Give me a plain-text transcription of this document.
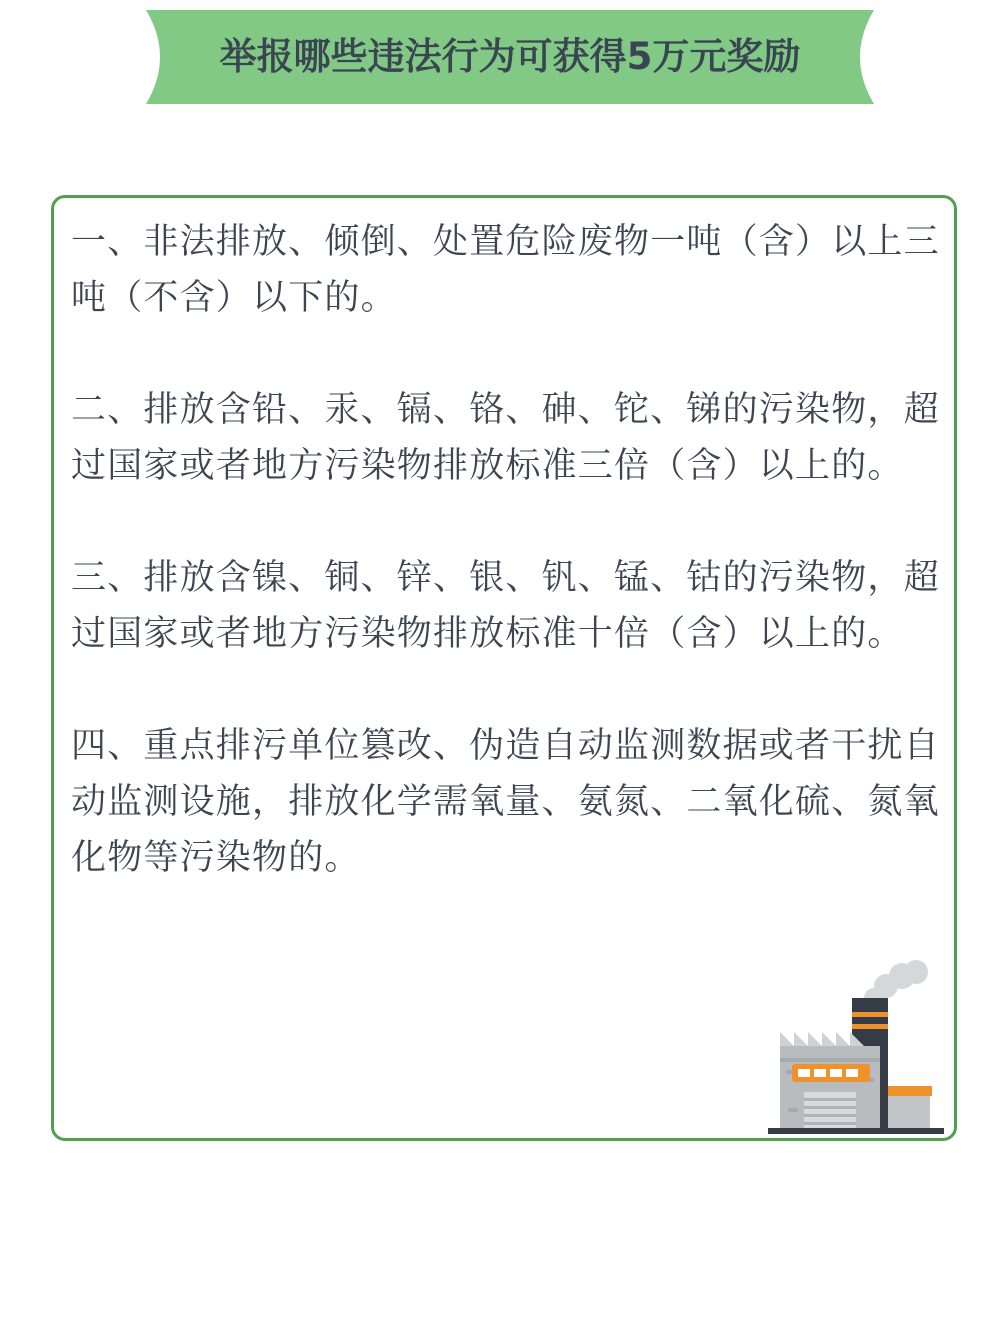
举报哪些违法行为可获得5万元奖励

一、非法排放、倾倒、处置危险废物一吨（含）以上三吨（不含）以下的。

二、排放含铅、汞、镉、铬、砷、铊、锑的污染物，超过国家或者地方污染物排放标准三倍（含）以上的。

三、排放含镍、铜、锌、银、钒、锰、钴的污染物，超过国家或者地方污染物排放标准十倍（含）以上的。

四、重点排污单位篡改、伪造自动监测数据或者干扰自动监测设施，排放化学需氧量、氨氮、二氧化硫、氮氧化物等污染物的。
